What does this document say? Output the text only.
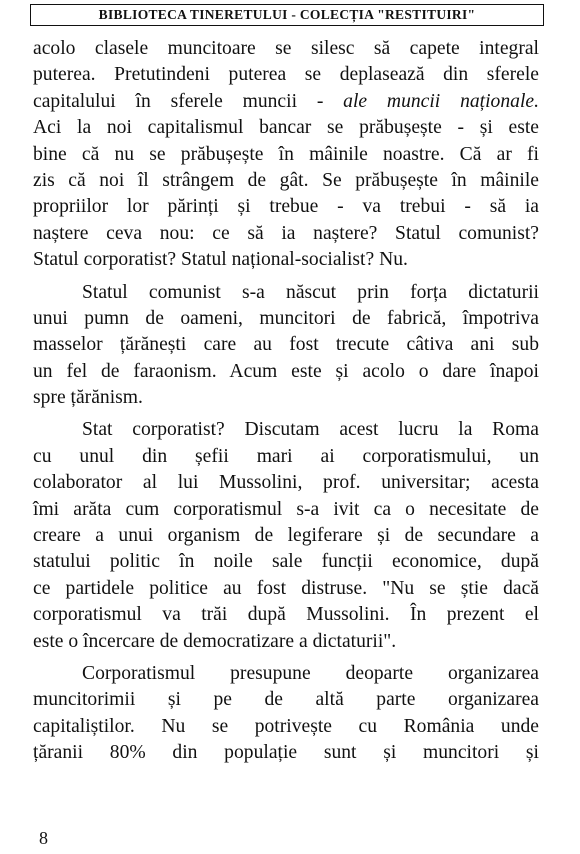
BIBLIOTECA TINERETULUI - COLECȚIA "RESTITUIRI"
acolo clasele muncitoare se silesc să capete integral
puterea. Pretutindeni puterea se deplasează din sferele
capitalului în sferele muncii - ale muncii naționale.
Aci la noi capitalismul bancar se prăbușește - și este
bine că nu se prăbușește în mâinile noastre. Că ar fi
zis că noi îl strângem de gât. Se prăbușește în mâinile
propriilor lor părinți și trebue - va trebui - să ia
naștere ceva nou: ce să ia naștere? Statul comunist?
Statul corporatist? Statul național-socialist? Nu.
Statul comunist s-a născut prin forța dictaturii
unui pumn de oameni, muncitori de fabrică, împotriva
masselor țărănești care au fost trecute câtiva ani sub
un fel de faraonism. Acum este și acolo o dare înapoi
spre țărănism.
Stat corporatist? Discutam acest lucru la Roma
cu unul din șefii mari ai corporatismului, un
colaborator al lui Mussolini, prof. universitar; acesta
îmi arăta cum corporatismul s-a ivit ca o necesitate de
creare a unui organism de legiferare și de secundare a
statului politic în noile sale funcții economice, după
ce partidele politice au fost distruse. "Nu se știe dacă
corporatismul va trăi după Mussolini. În prezent el
este o încercare de democratizare a dictaturii".
Corporatismul presupune deoparte organizarea
muncitorimii și pe de altă parte organizarea
capitaliștilor. Nu se potrivește cu România unde
țăranii 80% din populație sunt și muncitori și
8
